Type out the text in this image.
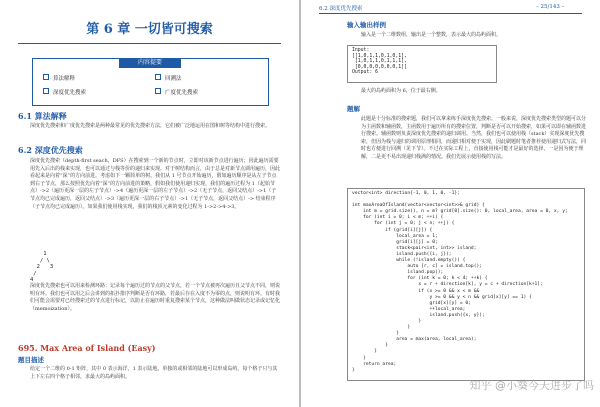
第 6 章 一切皆可搜索
内容提要
算法解释
深度优先搜索
回溯法
广度优先搜索
6.1 算法解释
深度优先搜索和广度优先搜索是两种最常见的优先搜索方法，它们被广泛地运用在图和树等结构中进行搜索。
6.2 深度优先搜索
深度优先搜索（depth-first seach，DFS）在搜索到一个新的节点时，立即对该新节点进行遍历；因此遍历需要用先入后出的栈来实现，也可以通过与栈等价的递归来实现。对于树结构而言，由于总是对新节点调用遍历，因此看起来是向着“深”的方向前进。考虑如下一颗简单的树。我们从 1 号节点开始遍历，假如遍历顺序是从左子节点到右子节点，那么按照优先向着“深”的方向前进的策略，假如我们使用递归实现，我们的遍历过程为 1（起始节点）->2（遍历更深一层的左子节点）->4（遍历更深一层的左子节点）->2（无子节点，返回父结点）->1（子节点均已完成遍历，返回父结点）->3（遍历更深一层的右子节点）->1（无子节点，返回父结点）-> 结束程序（子节点均已完成遍历）。如果我们使用栈实现，我们的栈顶元素的变化过程为 1->2->4->3。
1
/ \
2   3
/
4
深度优先搜索也可以用来检测环路：记录每个遍历过的节点的父节点，若一个节点被再次遍历且父节点不同，则说明有环。我们也可以用之后会讲到的拓扑排序判断是否有环路，若最后存在入度不为零的点，则说明有环。有时我们可能会需要对已经搜索过的节点进行标记，以防止在遍历时重复搜索某个节点，这种做法叫做状态记录或记忆化（memoization）。
695. Max Area of Island (Easy)
题目描述
给定一个二维的 0-1 矩阵，其中 0 表示海洋，1 表示陆地。单独的或相邻的陆地可以形成岛屿，每个格子只与其上下左右四个格子相邻。求最大的岛屿面积。
6.2 深度优先搜索	– 25/143 –
输入输出样例
输入是一个二维数组，输出是一个整数，表示最大的岛屿面积。
Input:
[[1,0,1,1,0,1,0,1],
[1,0,1,1,0,1,1,1],
[0,0,0,0,0,0,0,1]]
Output: 6
最大的岛屿面积为 6，位于最右侧。
题解
此题是十分标准的搜索题，我们可以拿来练手深度优先搜索。一般来说，深度优先搜索类型的题可以分为主函数和辅函数，主函数用于遍历所有的搜索位置，判断是否可以开始搜索，如果可以即在辅函数进行搜索。辅函数则负责深度优先搜索的递归调用。当然，我们也可以使用栈（stack）实现深度优先搜索，但因为栈与递归的调用原理相同，而递归相对便于实现，因此刷题时笔者推荐使用递归式写法，同时也方便进行回溯（见下节）。不过在实际工程上，直接使用栈可能才是最好的选择，一是因为便于理解，二是更不易出现递归栈满的情况。我们先展示使用栈的写法。
vector<int> direction{-1, 0, 1, 0, -1};

int maxAreaOfIsland(vector<vector<int>>& grid) {
int m = grid.size(), n = m? grid[0].size(): 0, local_area, area = 0, x, y;
for (int i = 0; i < m; ++i) {
for (int j = 0; j < n; ++j) {
if (grid[i][j]) {
local_area = 1;
grid[i][j] = 0;
stack<pair<int, int>> island;
island.push({i, j});
while (!island.empty()) {
auto [r, c] = island.top();
island.pop();
for (int k = 0; k < 4; ++k) {
x = r + direction[k], y = c + direction[k+1];
if (x >= 0 && x < m &&
y >= 0 && y < n && grid[x][y] == 1) {
grid[x][y] = 0;
++local_area;
island.push({x, y});
}
}
}
area = max(area, local_area);
}
}
}
return area;
}
知乎 @小葵今天进步了吗
